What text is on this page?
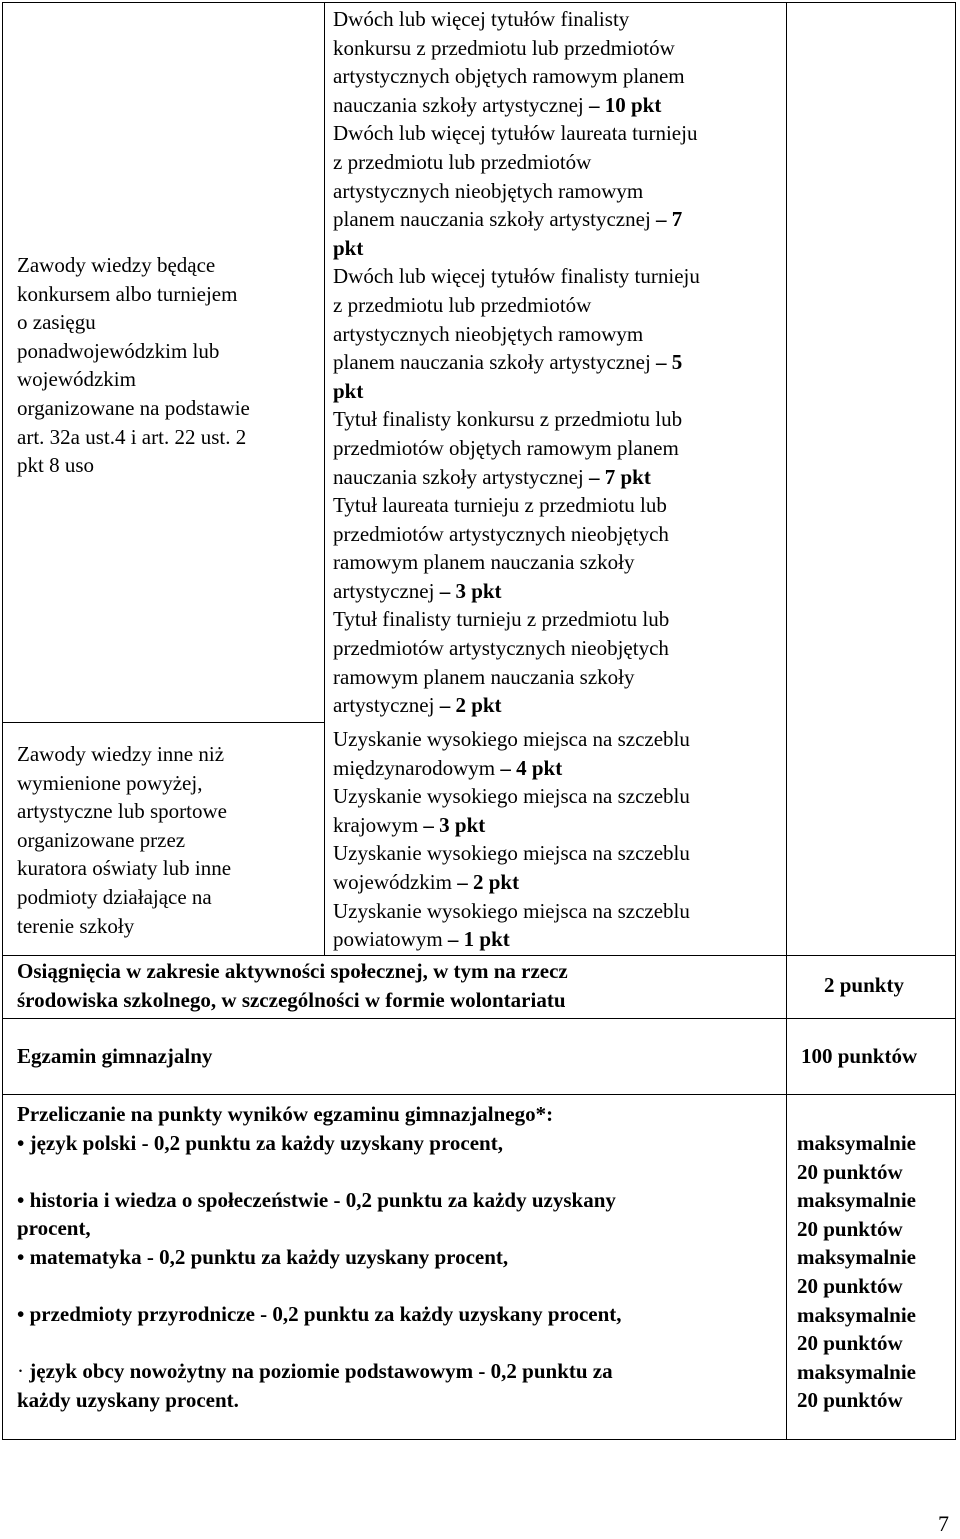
Zawody wiedzy będące
konkursem albo turniejem
o zasięgu
ponadwojewódzkim lub
wojewódzkim
organizowane na podstawie
art. 32a ust.4 i art. 22 ust. 2
pkt 8 uso
Dwóch lub więcej tytułów finalisty
konkursu z przedmiotu lub przedmiotów
artystycznych objętych ramowym planem
nauczania szkoły artystycznej – 10 pkt
Dwóch lub więcej tytułów laureata turnieju
z przedmiotu lub przedmiotów
artystycznych nieobjętych ramowym
planem nauczania szkoły artystycznej – 7
pkt
Dwóch lub więcej tytułów finalisty turnieju
z przedmiotu lub przedmiotów
artystycznych nieobjętych ramowym
planem nauczania szkoły artystycznej – 5
pkt
Tytuł finalisty konkursu z przedmiotu lub
przedmiotów objętych ramowym planem
nauczania szkoły artystycznej – 7 pkt
Tytuł laureata turnieju z przedmiotu lub
przedmiotów artystycznych nieobjętych
ramowym planem nauczania szkoły
artystycznej – 3 pkt
Tytuł finalisty turnieju z przedmiotu lub
przedmiotów artystycznych nieobjętych
ramowym planem nauczania szkoły
artystycznej – 2 pkt
Zawody wiedzy inne niż
wymienione powyżej,
artystyczne lub sportowe
organizowane przez
kuratora oświaty lub inne
podmioty działające na
terenie szkoły
Uzyskanie wysokiego miejsca na szczeblu
międzynarodowym – 4 pkt
Uzyskanie wysokiego miejsca na szczeblu
krajowym – 3 pkt
Uzyskanie wysokiego miejsca na szczeblu
wojewódzkim – 2 pkt
Uzyskanie wysokiego miejsca na szczeblu
powiatowym – 1 pkt
Osiągnięcia w zakresie aktywności społecznej, w tym na rzecz
środowiska szkolnego, w szczególności w formie wolontariatu
2 punkty
Egzamin gimnazjalny	100 punktów
Przeliczanie na punkty wyników egzaminu gimnazjalnego*:
• język polski - 0,2 punktu za każdy uzyskany procent,

• historia i wiedza o społeczeństwie - 0,2 punktu za każdy uzyskany
procent,
• matematyka - 0,2 punktu za każdy uzyskany procent,

• przedmioty przyrodnicze - 0,2 punktu za każdy uzyskany procent,

· język obcy nowożytny na poziomie podstawowym - 0,2 punktu za
każdy uzyskany procent.
maksymalnie
20 punktów
maksymalnie
20 punktów
maksymalnie
20 punktów
maksymalnie
20 punktów
maksymalnie
20 punktów
7
